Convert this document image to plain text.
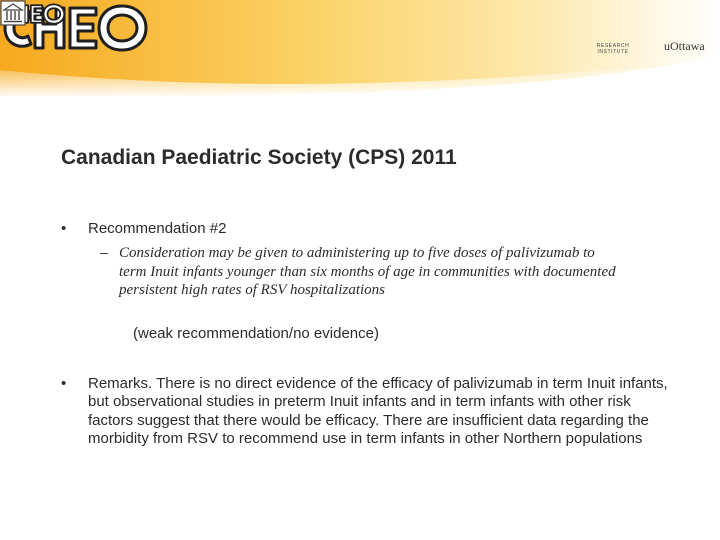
RESEARCH INSTITUTE	uOttawa
Canadian Paediatric Society (CPS) 2011
• Recommendation #2
– Consideration may be given to administering up to five doses of palivizumab to term Inuit infants younger than six months of age in communities with documented persistent high rates of RSV hospitalizations
(weak recommendation/no evidence)
• Remarks. There is no direct evidence of the efficacy of palivizumab in term Inuit infants, but observational studies in preterm Inuit infants and in term infants with other risk factors suggest that there would be efficacy. There are insufficient data regarding the morbidity from RSV to recommend use in term infants in other Northern populations
